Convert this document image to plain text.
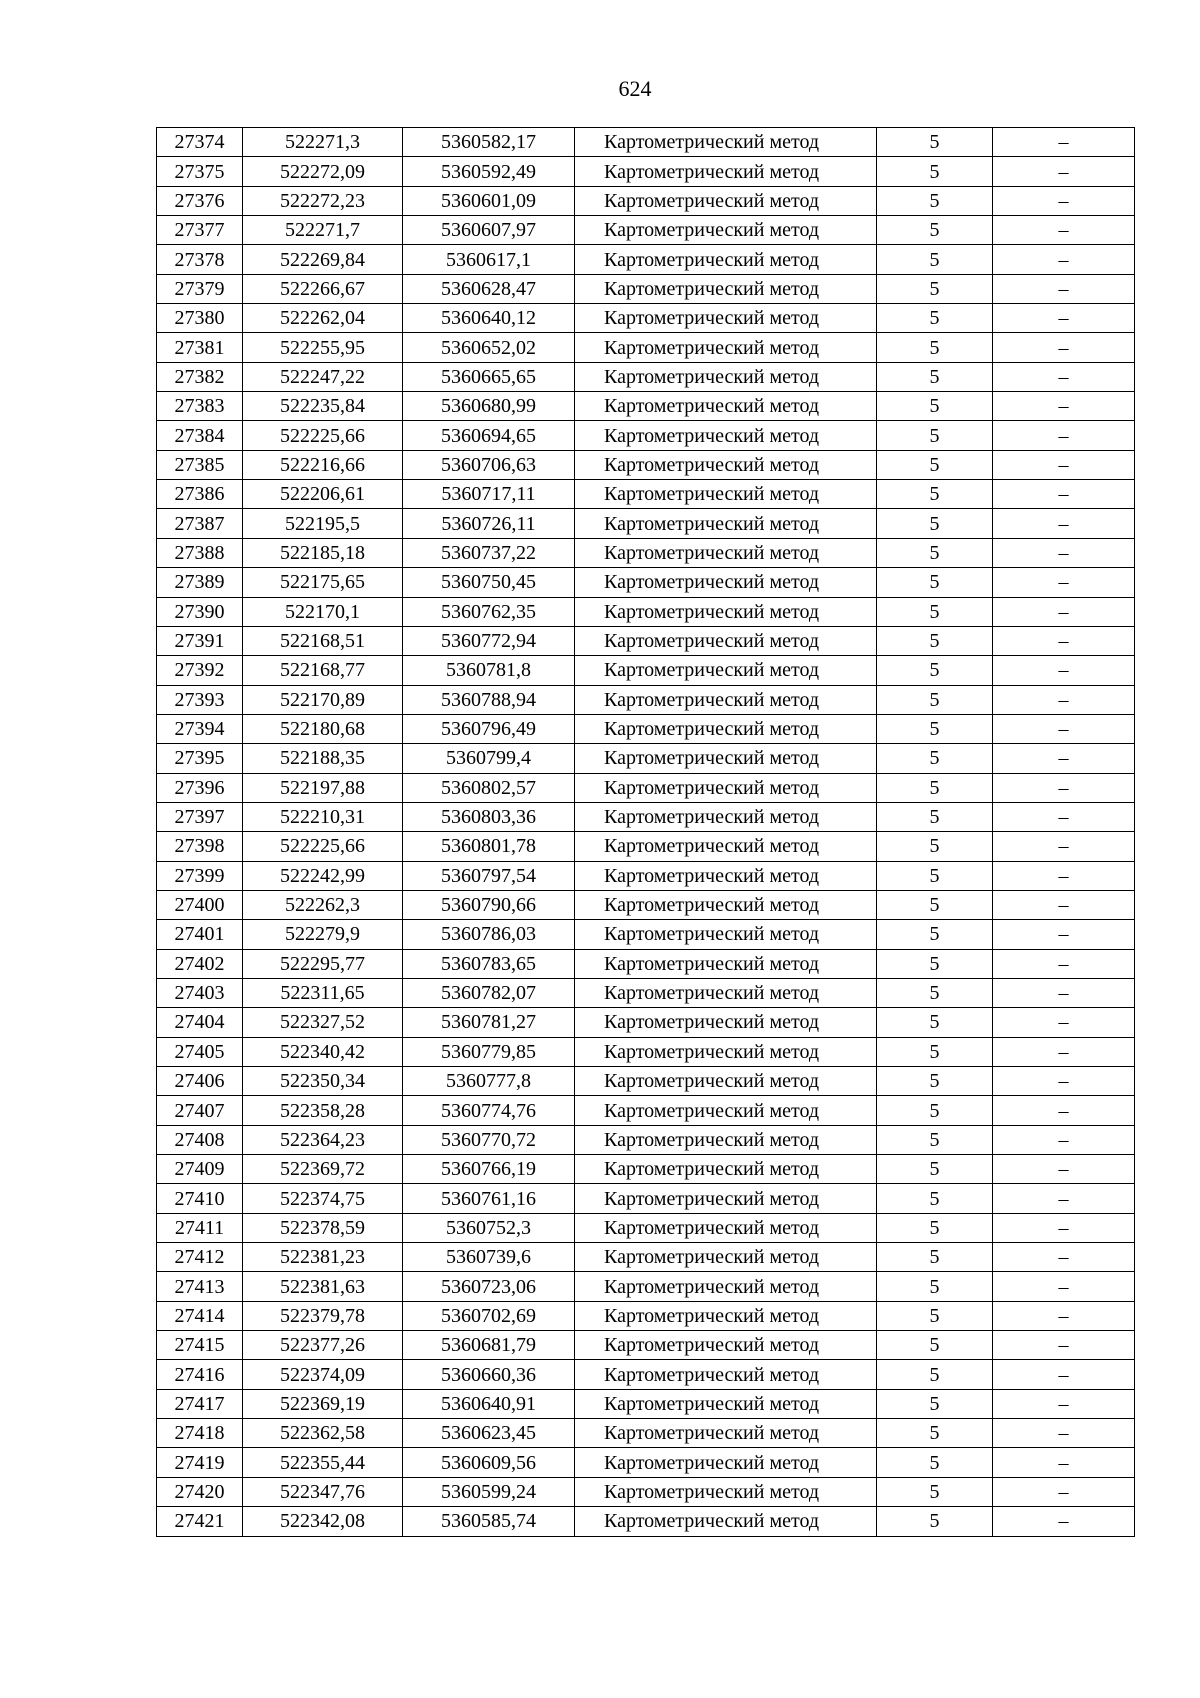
624
27374	522271,3	5360582,17	Картометрический метод	5	–
27375	522272,09	5360592,49	Картометрический метод	5	–
27376	522272,23	5360601,09	Картометрический метод	5	–
27377	522271,7	5360607,97	Картометрический метод	5	–
27378	522269,84	5360617,1	Картометрический метод	5	–
27379	522266,67	5360628,47	Картометрический метод	5	–
27380	522262,04	5360640,12	Картометрический метод	5	–
27381	522255,95	5360652,02	Картометрический метод	5	–
27382	522247,22	5360665,65	Картометрический метод	5	–
27383	522235,84	5360680,99	Картометрический метод	5	–
27384	522225,66	5360694,65	Картометрический метод	5	–
27385	522216,66	5360706,63	Картометрический метод	5	–
27386	522206,61	5360717,11	Картометрический метод	5	–
27387	522195,5	5360726,11	Картометрический метод	5	–
27388	522185,18	5360737,22	Картометрический метод	5	–
27389	522175,65	5360750,45	Картометрический метод	5	–
27390	522170,1	5360762,35	Картометрический метод	5	–
27391	522168,51	5360772,94	Картометрический метод	5	–
27392	522168,77	5360781,8	Картометрический метод	5	–
27393	522170,89	5360788,94	Картометрический метод	5	–
27394	522180,68	5360796,49	Картометрический метод	5	–
27395	522188,35	5360799,4	Картометрический метод	5	–
27396	522197,88	5360802,57	Картометрический метод	5	–
27397	522210,31	5360803,36	Картометрический метод	5	–
27398	522225,66	5360801,78	Картометрический метод	5	–
27399	522242,99	5360797,54	Картометрический метод	5	–
27400	522262,3	5360790,66	Картометрический метод	5	–
27401	522279,9	5360786,03	Картометрический метод	5	–
27402	522295,77	5360783,65	Картометрический метод	5	–
27403	522311,65	5360782,07	Картометрический метод	5	–
27404	522327,52	5360781,27	Картометрический метод	5	–
27405	522340,42	5360779,85	Картометрический метод	5	–
27406	522350,34	5360777,8	Картометрический метод	5	–
27407	522358,28	5360774,76	Картометрический метод	5	–
27408	522364,23	5360770,72	Картометрический метод	5	–
27409	522369,72	5360766,19	Картометрический метод	5	–
27410	522374,75	5360761,16	Картометрический метод	5	–
27411	522378,59	5360752,3	Картометрический метод	5	–
27412	522381,23	5360739,6	Картометрический метод	5	–
27413	522381,63	5360723,06	Картометрический метод	5	–
27414	522379,78	5360702,69	Картометрический метод	5	–
27415	522377,26	5360681,79	Картометрический метод	5	–
27416	522374,09	5360660,36	Картометрический метод	5	–
27417	522369,19	5360640,91	Картометрический метод	5	–
27418	522362,58	5360623,45	Картометрический метод	5	–
27419	522355,44	5360609,56	Картометрический метод	5	–
27420	522347,76	5360599,24	Картометрический метод	5	–
27421	522342,08	5360585,74	Картометрический метод	5	–
